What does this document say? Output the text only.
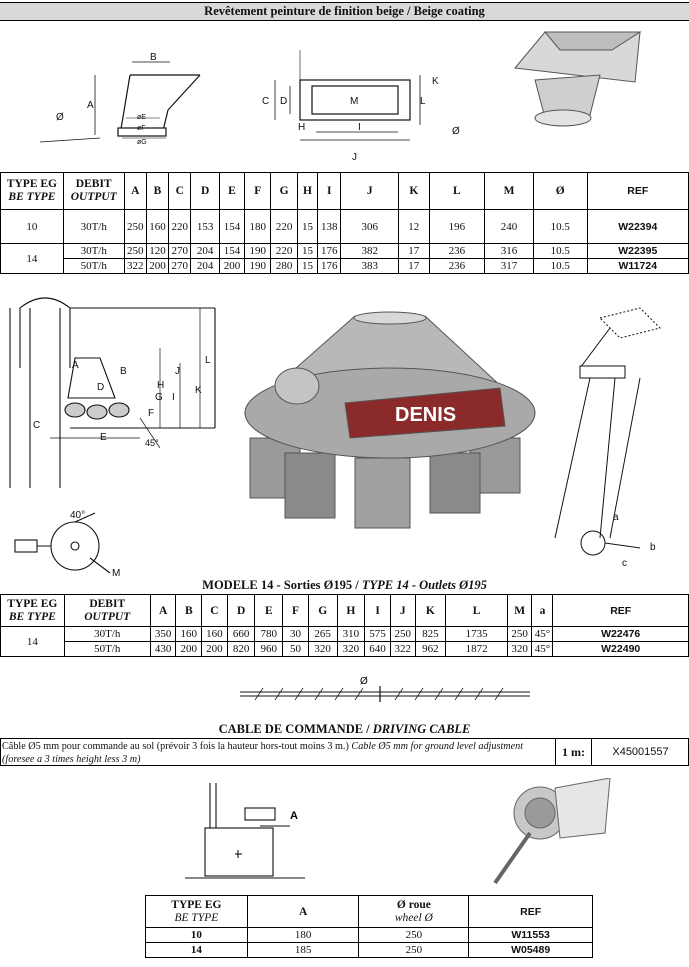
Revêtement peinture de finition beige / Beige coating
B
A
Ø	øE
øF
øG
C D	M
K
L
H	I
J
Ø
TYPE EG
BE TYPE	DEBIT
OUTPUT	A	B	C	D	E	F	G	H	I	J	K	L	M	Ø	REF
10	30T/h	250	160	220	153	154	180	220	15	138	306	12	196	240	10.5	W22394
14	30T/h	250	120	270	204	154	190	220	15	176	382	17	236	316	10.5	W22395
	50T/h	322	200	270	204	200	190	280	15	176	383	17	236	317	10.5	W11724
A
B
C
D
E
F
G
H
I
J
K
L
45°
40°
M
DENIS
a
b
c
MODELE 14 - Sorties Ø195 / TYPE 14 - Outlets Ø195
TYPE EG
BE TYPE	DEBIT
OUTPUT	A	B	C	D	E	F	G	H	I	J	K	L	M	a	REF
14	30T/h	350	160	160	660	780	30	265	310	575	250	825	1735	250	45°	W22476
	50T/h	430	200	200	820	960	50	320	320	640	322	962	1872	320	45°	W22490
Ø
CABLE DE COMMANDE / DRIVING CABLE
Câble Ø5 mm pour commande au sol (prévoir 3 fois la hauteur hors-tout moins 3 m.) Cable Ø5 mm for ground level adjustment (foresee a 3 times height less 3 m)
1 m:	X45001557
A
TYPE EG
BE TYPE	A	Ø roue
wheel Ø	REF
10	180	250	W11553
14	185	250	W05489
